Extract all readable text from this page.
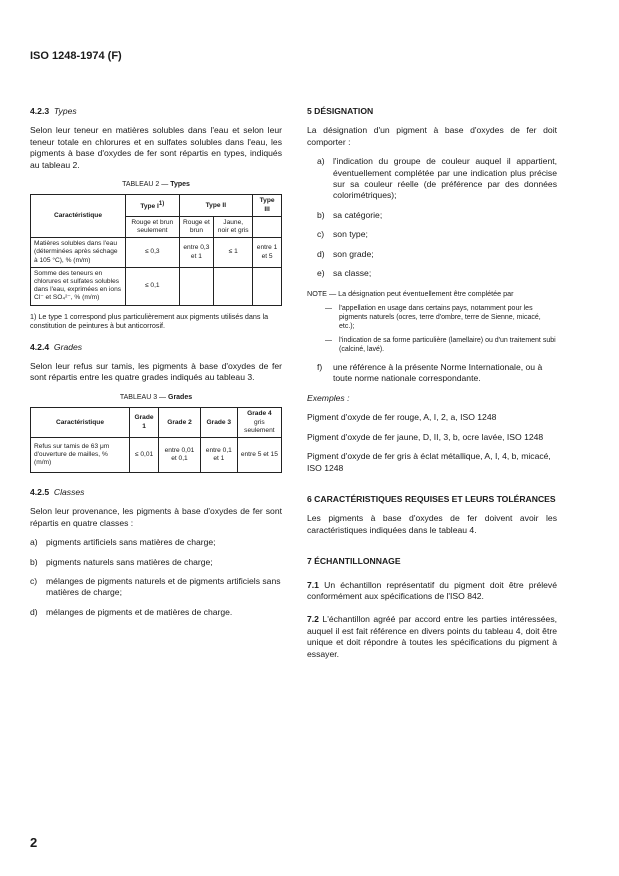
ISO 1248-1974 (F)

4.2.3 Types

Selon leur teneur en matières solubles dans l'eau et selon leur teneur totale en chlorures et en sulfates solubles dans l'eau, les pigments à base d'oxydes de fer sont répartis en types, indiqués au tableau 2.

TABLEAU 2 — Types
Caractéristique	Type I1)	Type II		Type III
	Rouge et brun seulement	Rouge et brun	Jaune, noir et gris	
Matières solubles dans l'eau (déterminées après séchage à 105 °C), % (m/m)	≤ 0,3	entre 0,3 et 1	≤ 1	entre 1 et 5
Somme des teneurs en chlorures et sulfates solubles dans l'eau, exprimées en ions Cl⁻ et SO₄²⁻, % (m/m)	≤ 0,1			

1) Le type 1 correspond plus particulièrement aux pigments utilisés dans la constitution de peintures à but anticorrosif.

4.2.4 Grades

Selon leur refus sur tamis, les pigments à base d'oxydes de fer sont répartis entre les quatre grades indiqués au tableau 3.

TABLEAU 3 — Grades
Caractéristique	Grade 1	Grade 2	Grade 3	Grade 4
gris seulement
Refus sur tamis de 63 μm d'ouverture de mailles, % (m/m)	≤ 0,01	entre 0,01 et 0,1	entre 0,1 et 1	entre 5 et 15

4.2.5 Classes

Selon leur provenance, les pigments à base d'oxydes de fer sont répartis en quatre classes :

a) pigments artificiels sans matières de charge;
b) pigments naturels sans matières de charge;
c)	mélanges de pigments naturels et de pigments artificiels sans matières de charge;
d) mélanges de pigments et de matières de charge.

5 DÉSIGNATION

La désignation d'un pigment à base d'oxydes de fer doit comporter :

a) l'indication du groupe de couleur auquel il appartient, éventuellement complétée par une indication plus précise sur sa couleur réelle (de préférence par des données colorimétriques);
b) sa catégorie;
c)	son type;
d) son grade;
e) sa classe;

NOTE — La désignation peut éventuellement être complétée par

—	l'appellation en usage dans certains pays, notamment pour les pigments naturels (ocres, terre d'ombre, terre de Sienne, micacé, etc.);
—	l'indication de sa forme particulière (lamellaire) ou d'un traitement subi (calciné, lavé).
f)	une référence à la présente Norme Internationale, ou à toute norme nationale correspondante.

Exemples :

Pigment d'oxyde de fer rouge, A, I, 2, a, ISO 1248

Pigment d'oxyde de fer jaune, D, II, 3, b, ocre lavée, ISO 1248

Pigment d'oxyde de fer gris à éclat métallique, A, I, 4, b, micacé, ISO 1248

6 CARACTÉRISTIQUES REQUISES ET LEURS TOLÉRANCES

Les pigments à base d'oxydes de fer doivent avoir les caractéristiques indiquées dans le tableau 4.

7 ÉCHANTILLONNAGE

7.1 Un échantillon représentatif du pigment doit être prélevé conformément aux spécifications de l'ISO 842.

7.2 L'échantillon agréé par accord entre les parties intéressées, auquel il est fait référence en divers points du tableau 4, doit être unique et doit répondre à toutes les spécifications du pigment à essayer.

2
